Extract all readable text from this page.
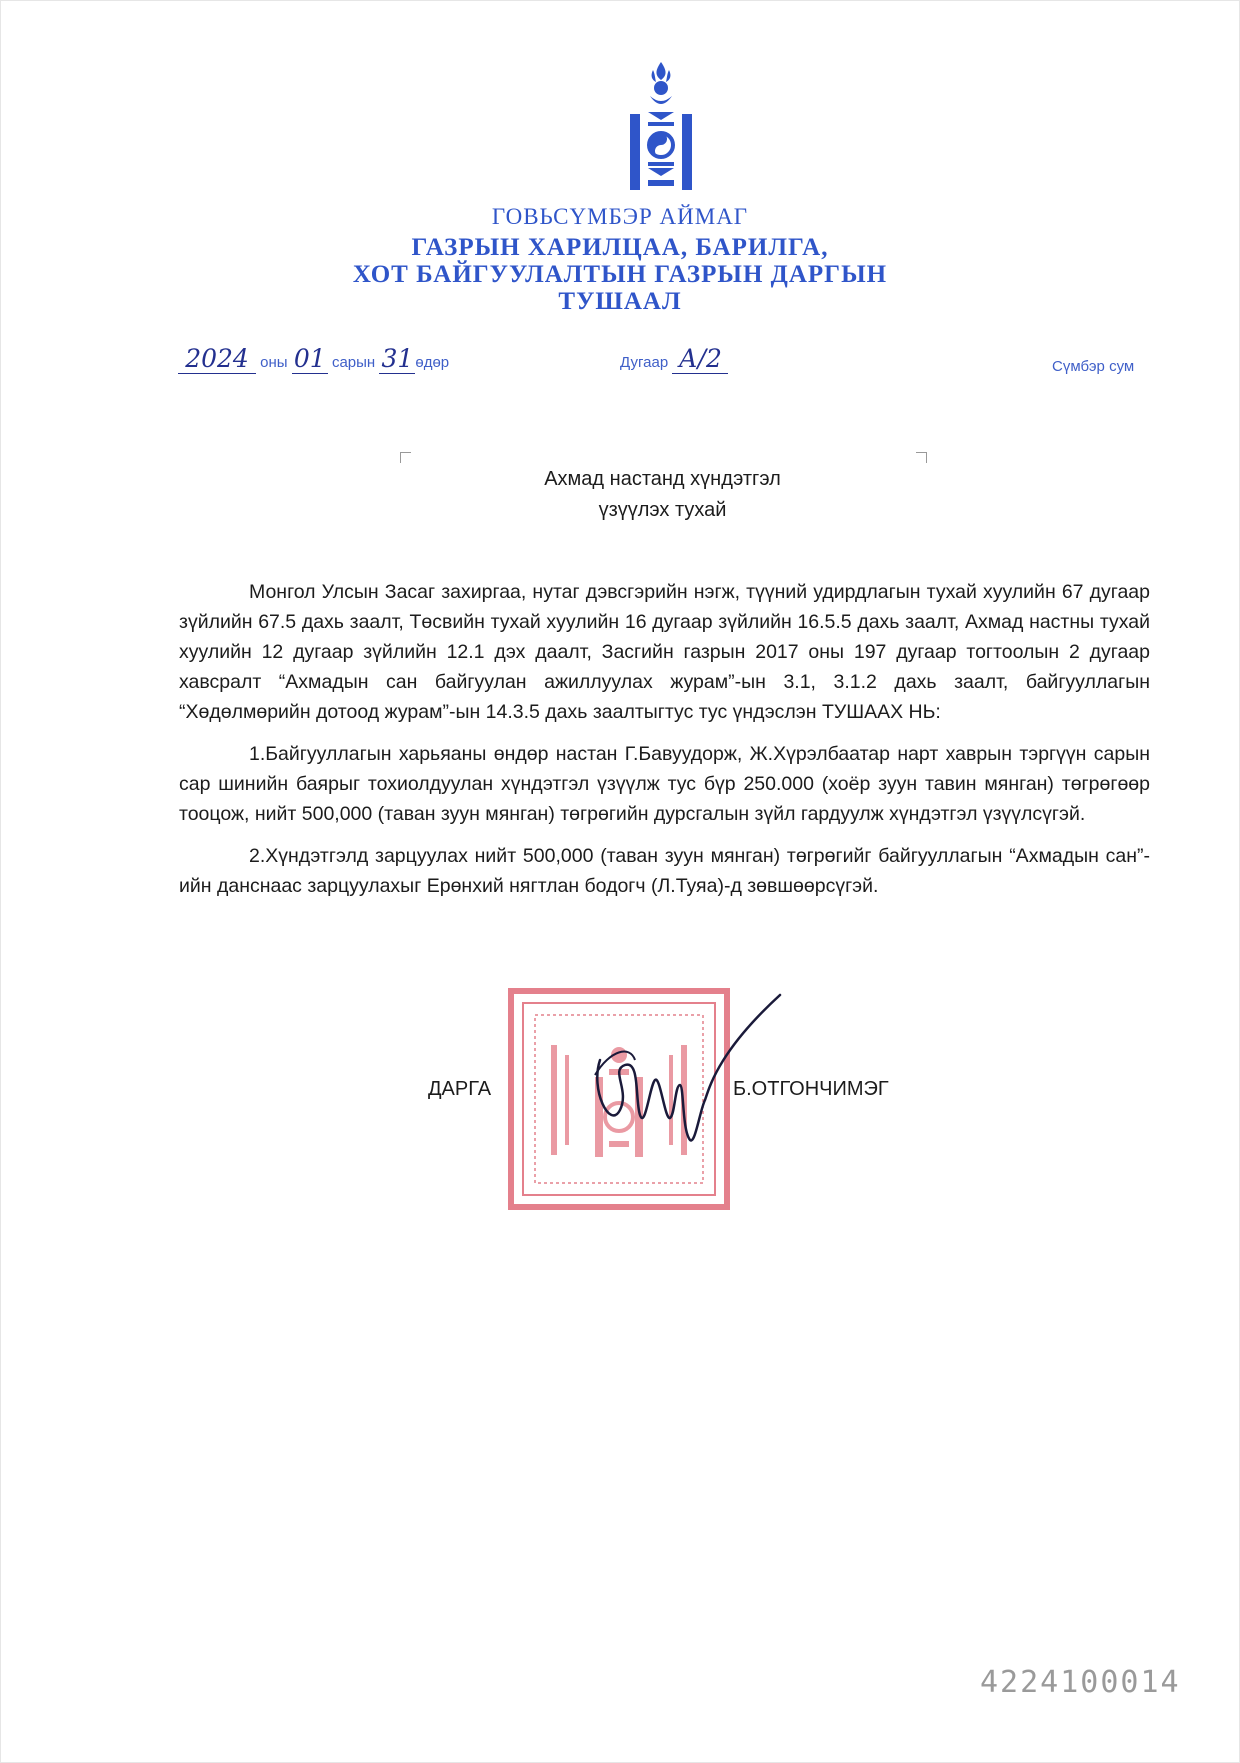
ГОВЬСҮМБЭР АЙМАГ
ГАЗРЫН ХАРИЛЦАА, БАРИЛГА,
ХОТ БАЙГУУЛАЛТЫН ГАЗРЫН ДАРГЫН
ТУШААЛ
2024 оны 01 сарын 31 өдөр	Дугаар А/2	Сүмбэр сум
Ахмад настанд хүндэтгэл
үзүүлэх тухай

Монгол Улсын Засаг захиргаа, нутаг дэвсгэрийн нэгж, түүний удирдлагын тухай хуулийн 67 дугаар зүйлийн 67.5 дахь заалт, Төсвийн тухай хуулийн 16 дугаар зүйлийн 16.5.5 дахь заалт, Ахмад настны тухай хуулийн 12 дугаар зүйлийн 12.1 дэх даалт, Засгийн газрын 2017 оны 197 дугаар тогтоолын 2 дугаар хавсралт “Ахмадын сан байгуулан ажиллуулах журам”-ын 3.1, 3.1.2 дахь заалт, байгууллагын “Хөдөлмөрийн дотоод журам”-ын 14.3.5 дахь заалтыгтус тус үндэслэн ТУШААХ НЬ:

1.Байгууллагын харьяаны өндөр настан Г.Бавуудорж, Ж.Хүрэлбаатар нарт хаврын тэргүүн сарын сар шинийн баярыг тохиолдуулан хүндэтгэл үзүүлж тус бүр 250.000 (хоёр зуун тавин мянган) төгрөгөөр тооцож, нийт 500,000 (таван зуун мянган) төгрөгийн дурсгалын зүйл гардуулж хүндэтгэл үзүүлсүгэй.

2.Хүндэтгэлд зарцуулах нийт 500,000 (таван зуун мянган) төгрөгийг байгууллагын “Ахмадын сан”-ийн данснаас зарцуулахыг Ерөнхий нягтлан бодогч (Л.Туяа)-д зөвшөөрсүгэй.

ДАРГА	Б.ОТГОНЧИМЭГ
4224100014
